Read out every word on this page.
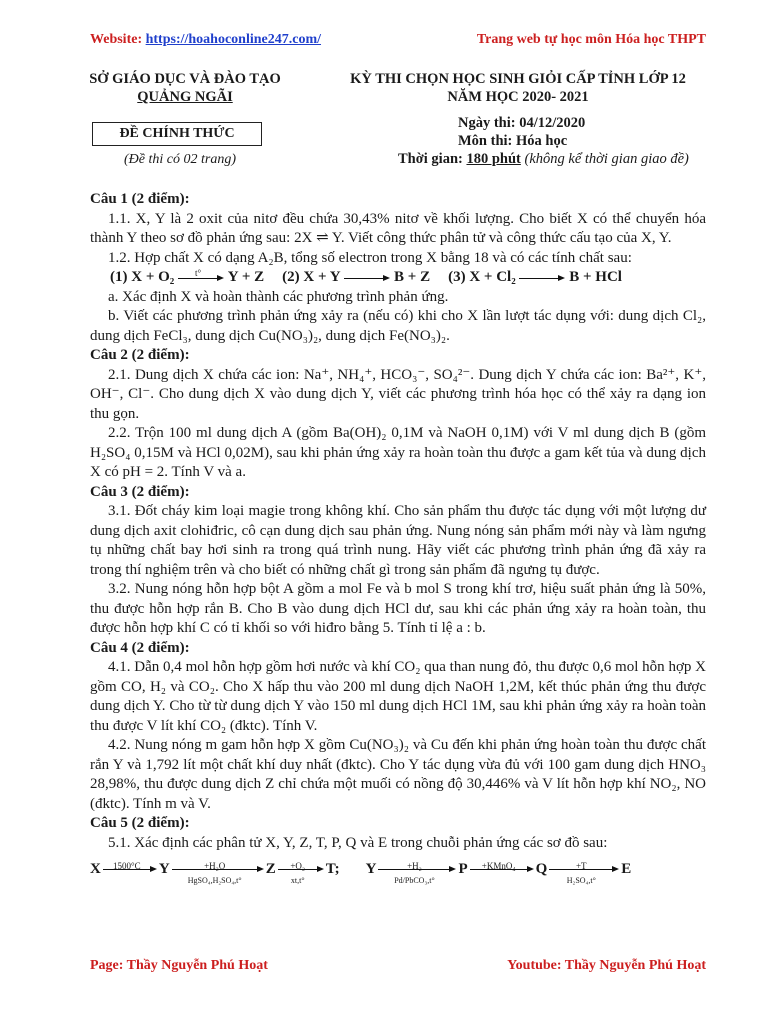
Website: https://hoahoconline247.com/	Trang web tự học môn Hóa học THPT
SỞ GIÁO DỤC VÀ ĐÀO TẠO
QUẢNG NGÃI
KỲ THI CHỌN HỌC SINH GIỎI CẤP TỈNH LỚP 12
NĂM HỌC 2020- 2021
ĐỀ CHÍNH THỨC
(Đề thi có 02 trang)
Ngày thi: 04/12/2020
Môn thi: Hóa học
Thời gian: 180 phút (không kể thời gian giao đề)

Câu 1 (2 điểm):

1.1. X, Y là 2 oxit của nitơ đều chứa 30,43% nitơ về khối lượng. Cho biết X có thể chuyển hóa thành Y theo sơ đồ phản ứng sau: 2X ⇌ Y. Viết công thức phân tử và công thức cấu tạo của X, Y.

1.2. Hợp chất X có dạng A₂B, tổng số electron trong X bằng 18 và có các tính chất sau:

(1) X + O₂	t°	Y + Z (2) X + Y	B + Z (3) X + Cl₂	B + HCl

a. Xác định X và hoàn thành các phương trình phản ứng.

b. Viết các phương trình phản ứng xảy ra (nếu có) khi cho X lần lượt tác dụng với: dung dịch Cl₂, dung dịch FeCl₃, dung dịch Cu(NO₃)₂, dung dịch Fe(NO₃)₂.

Câu 2 (2 điểm):

2.1. Dung dịch X chứa các ion: Na⁺, NH₄⁺, HCO₃⁻, SO₄²⁻. Dung dịch Y chứa các ion: Ba²⁺, K⁺, OH⁻, Cl⁻. Cho dung dịch X vào dung dịch Y, viết các phương trình hóa học có thể xảy ra dạng ion thu gọn.

2.2. Trộn 100 ml dung dịch A (gồm Ba(OH)₂ 0,1M và NaOH 0,1M) với V ml dung dịch B (gồm H₂SO₄ 0,15M và HCl 0,02M), sau khi phản ứng xảy ra hoàn toàn thu được a gam kết tủa và dung dịch X có pH = 2. Tính V và a.

Câu 3 (2 điểm):

3.1. Đốt cháy kim loại magie trong không khí. Cho sản phẩm thu được tác dụng với một lượng dư dung dịch axit clohiđric, cô cạn dung dịch sau phản ứng. Nung nóng sản phẩm mới này và làm ngưng tụ những chất bay hơi sinh ra trong quá trình nung. Hãy viết các phương trình phản ứng đã xảy ra trong thí nghiệm trên và cho biết có những chất gì trong sản phẩm đã ngưng tụ được.

3.2. Nung nóng hỗn hợp bột A gồm a mol Fe và b mol S trong khí trơ, hiệu suất phản ứng là 50%, thu được hỗn hợp rắn B. Cho B vào dung dịch HCl dư, sau khi các phản ứng xảy ra hoàn toàn, thu được hỗn hợp khí C có tỉ khối so với hiđro bằng 5. Tính tỉ lệ a : b.

Câu 4 (2 điểm):

4.1. Dẫn 0,4 mol hỗn hợp gồm hơi nước và khí CO₂ qua than nung đỏ, thu được 0,6 mol hỗn hợp X gồm CO, H₂ và CO₂. Cho X hấp thu vào 200 ml dung dịch NaOH 1,2M, kết thúc phản ứng thu được dung dịch Y. Cho từ từ dung dịch Y vào 150 ml dung dịch HCl 1M, sau khi phản ứng xảy ra hoàn toàn thu được V lít khí CO₂ (đktc). Tính V.

4.2. Nung nóng m gam hỗn hợp X gồm Cu(NO₃)₂ và Cu đến khi phản ứng hoàn toàn thu được chất rắn Y và 1,792 lít một chất khí duy nhất (đktc). Cho Y tác dụng vừa đủ với 100 gam dung dịch HNO₃ 28,98%, thu được dung dịch Z chỉ chứa một muối có nồng độ 30,446% và V lít hỗn hợp khí NO₂, NO (đktc). Tính m và V.

Câu 5 (2 điểm):

5.1. Xác định các phân tử X, Y, Z, T, P, Q và E trong chuỗi phản ứng các sơ đồ sau:

X	1500°C	Y	+H₂O
HgSO₄,H₂SO₄,t°
Z	+O₂
xt,t°
T; Y	+H₂
Pd/PbCO₃,t°
P	+KMnO₄	Q	+T
H₂SO₄,t°
E
Page: Thầy Nguyễn Phú Hoạt	Youtube: Thầy Nguyễn Phú Hoạt
